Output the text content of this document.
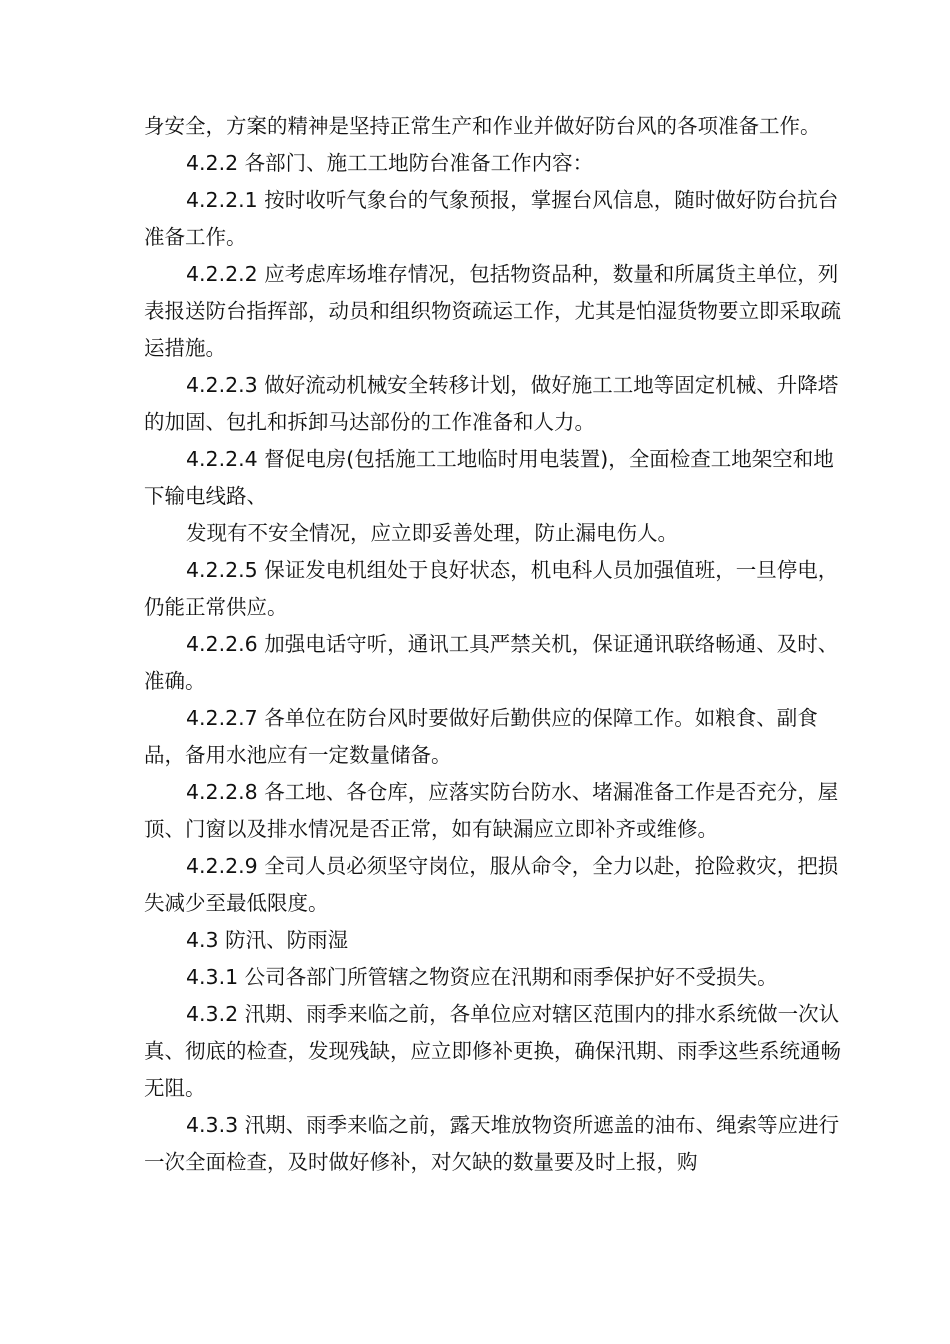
身安全，方案的精神是坚持正常生产和作业并做好防台风的各项准备工作。

4.2.2 各部门、施工工地防台准备工作内容：

4.2.2.1 按时收听气象台的气象预报，掌握台风信息，随时做好防台抗台准备工作。

4.2.2.2 应考虑库场堆存情况，包括物资品种，数量和所属货主单位，列表报送防台指挥部，动员和组织物资疏运工作，尤其是怕湿货物要立即采取疏运措施。

4.2.2.3 做好流动机械安全转移计划，做好施工工地等固定机械、升降塔的加固、包扎和拆卸马达部份的工作准备和人力。

4.2.2.4 督促电房(包括施工工地临时用电装置)，全面检查工地架空和地下输电线路、

发现有不安全情况，应立即妥善处理，防止漏电伤人。

4.2.2.5 保证发电机组处于良好状态，机电科人员加强值班，一旦停电，仍能正常供应。

4.2.2.6 加强电话守听，通讯工具严禁关机，保证通讯联络畅通、及时、准确。

4.2.2.7 各单位在防台风时要做好后勤供应的保障工作。如粮食、副食品，备用水池应有一定数量储备。

4.2.2.8 各工地、各仓库，应落实防台防水、堵漏准备工作是否充分，屋顶、门窗以及排水情况是否正常，如有缺漏应立即补齐或维修。

4.2.2.9 全司人员必须坚守岗位，服从命令，全力以赴，抢险救灾，把损失减少至最低限度。

4.3 防汛、防雨湿

4.3.1 公司各部门所管辖之物资应在汛期和雨季保护好不受损失。

4.3.2 汛期、雨季来临之前，各单位应对辖区范围内的排水系统做一次认真、彻底的检查，发现残缺，应立即修补更换，确保汛期、雨季这些系统通畅无阻。

4.3.3 汛期、雨季来临之前，露天堆放物资所遮盖的油布、绳索等应进行一次全面检查，及时做好修补，对欠缺的数量要及时上报，购
